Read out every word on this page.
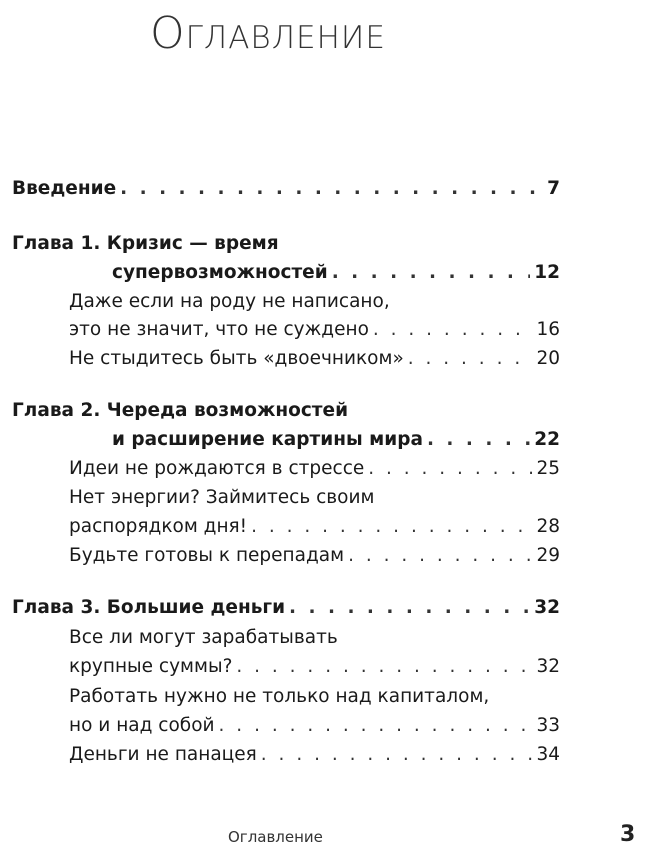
Оглавление
Введение . . .	7
Глава 1. Кризис — время
супервозможностей . . .	12
Даже если на роду не написано,
это не значит, что не суждено . . .	16
Не стыдитесь быть «двоечником» . . .	20
Глава 2. Череда возможностей
и расширение картины мира . . .	22
Идеи не рождаются в стрессе . . .	25
Нет энергии? Займитесь своим
распорядком дня! . . .	28
Будьте готовы к перепадам . . .	29
Глава 3. Большие деньги . . .	32
Все ли могут зарабатывать
крупные суммы? . . .	32
Работать нужно не только над капиталом,
но и над собой . . .	33
Деньги не панацея . . .	34
Оглавление	3
